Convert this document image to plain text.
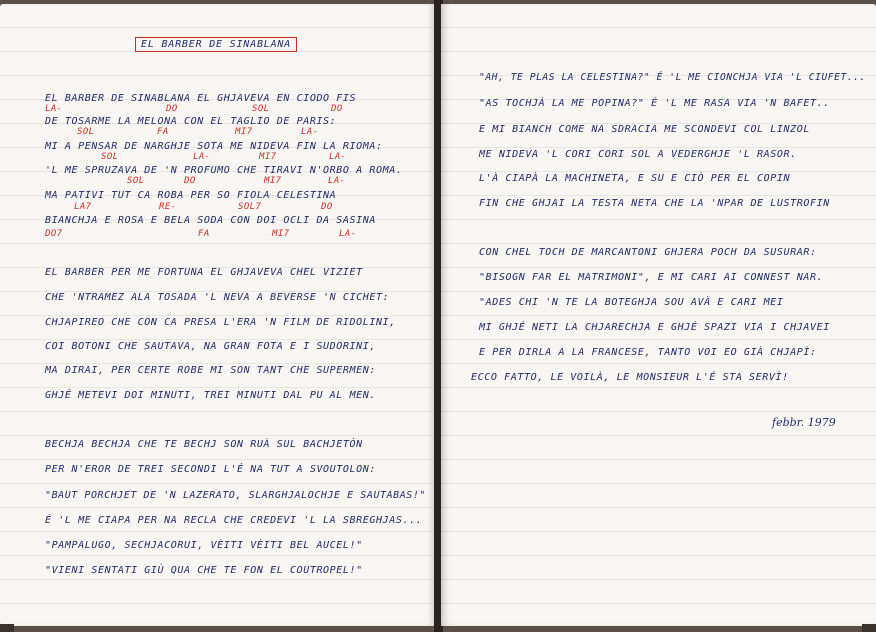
EL BARBER DE SINABLANA
EL BARBER DE SINABLANA EL GHJAVEVA EN CIODO FIS
LA-	DO	SOL	DO
DE TOSARME LA MELONA CON EL TAGLIO DE PARIS:
SOL	FA	MI7	LA-
MI A PENSAR DE NARGHJE SOTA ME NIDEVA FIN LA RIOMA:
SOL	LA-	MI7	LA-
'L ME SPRUZAVA DE 'N PROFUMO CHE TIRAVI N'ORBO A ROMA.
SOL	DO	MI7	LA-
MA PATIVI TUT CA ROBA PER SO FIOLA CELESTINA
LA7	RE-	SOL7	DO
BIANCHJA E ROSA E BELA SODA CON DOI OCLI DA SASINA
DO7	FA	MI7	LA-
EL BARBER PER ME FORTUNA EL GHJAVEVA CHEL VIZIET
CHE 'NTRAMEZ ALA TOSADA 'L NEVA A BEVERSE 'N CICHET:
CHJAPIREO CHE CON CA PRESA L'ERA 'N FILM DE RIDOLINI,
COI BOTONI CHE SAUTAVA, NA GRAN FOTA E I SUDORINI,
MA DIRAI, PER CERTE ROBE MI SON TANT CHE SUPERMEN:
GHJÉ METEVI DOI MINUTI, TREI MINUTI DAL PU AL MEN.
BECHJA BECHJA CHE TE BECHJ SON RUÀ SUL BACHJETÓN
PER N'EROR DE TREI SECONDI L'É NA TUT A SVOUTOLON:
"BAUT PORCHJET DE 'N LAZERATO, SLARGHJALOCHJE E SAUTABAS!"
É 'L ME CIAPA PER NA RECLA CHE CREDEVI 'L LA SBREGHJAS...
"PAMPALUGO, SECHJACORUI, VÈITI VÈITI BEL AUCEL!"
"VIENI SENTATI GIÙ QUA CHE TE FON EL COUTROPEL!"
"AH, TE PLAS LA CELESTINA?" É 'L ME CIONCHJA VIA 'L CIUFET...
"AS TOCHJÀ LA ME POPINA?" É 'L ME RASA VIA 'N BAFET..
E MI BIANCH COME NA SDRACIA ME SCONDEVI COL LINZOL
ME NIDEVA 'L CORI CORI SOL A VEDERGHJE 'L RASOR.
L'À CIAPÀ LA MACHINETA, E SU E CIÒ PER EL COPIN
FIN CHE GHJAI LA TESTA NETA CHE LA 'NPAR DE LUSTROFIN
CON CHEL TOCH DE MARCANTONI GHJERA POCH DA SUSURAR:
"BISOGN FAR EL MATRIMONI", E MI CARI AI CONNEST NAR.
"ADES CHI 'N TE LA BOTEGHJA SOU AVÀ E CARI MEI
MI GHJÉ NETI LA CHJARECHJA E GHJÉ SPAZI VIA I CHJAVEI
E PER DIRLA A LA FRANCESE, TANTO VOI EO GIÀ CHJAPÌ:
ECCO FATTO, LE VOILÀ, LE MONSIEUR L'É STA SERVÌ!
febbr. 1979
